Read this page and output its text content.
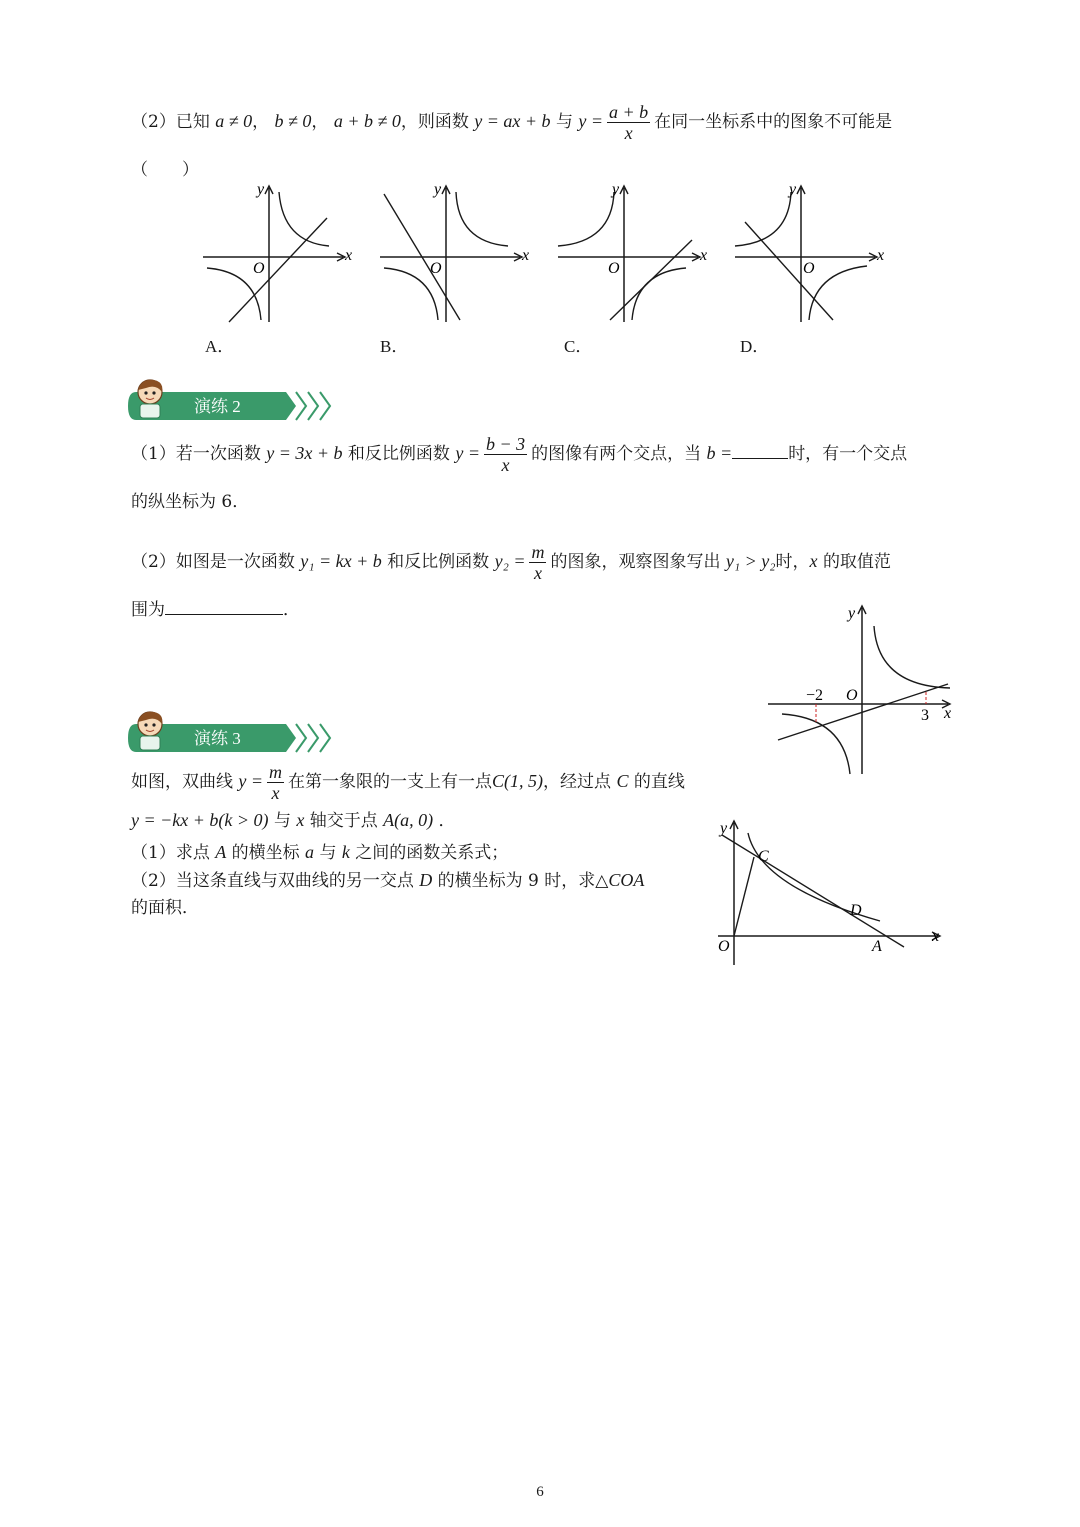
（2）已知 a ≠ 0， b ≠ 0， a + b ≠ 0，则函数 y = ax + b 与 $y = \frac{a + b}{x}$ 在同一坐标系中的图象不可能是
（　　）
x
y
O
A．
x
y
O
B．
x
y
O
C．
x
y
O
D．
演练 2
（1）若一次函数 y = 3x + b 和反比例函数 $y = \frac{b - 3}{x}$ 的图像有两个交点，当 b =	时，有一个交点
的纵坐标为 6．
（2）如图是一次函数 y₁ = kx + b 和反比例函数 $y_2 = \frac{m}{x}$ 的图象，观察图象写出 y₁ > y₂时，x 的取值范
围为	．
−2
3 x
y
O
演练 3
如图，双曲线 $y = \frac{m}{x}$ 在第一象限的一支上有一点C(1, 5)，经过点 C 的直线
y = −kx + b(k > 0) 与 x 轴交于点 A(a, 0) ．
（1）求点 A 的横坐标 a 与 k 之间的函数关系式；
（2）当这条直线与双曲线的另一交点 D 的横坐标为 9 时，求△COA
的面积．
C
D
A
x
y
O
6
